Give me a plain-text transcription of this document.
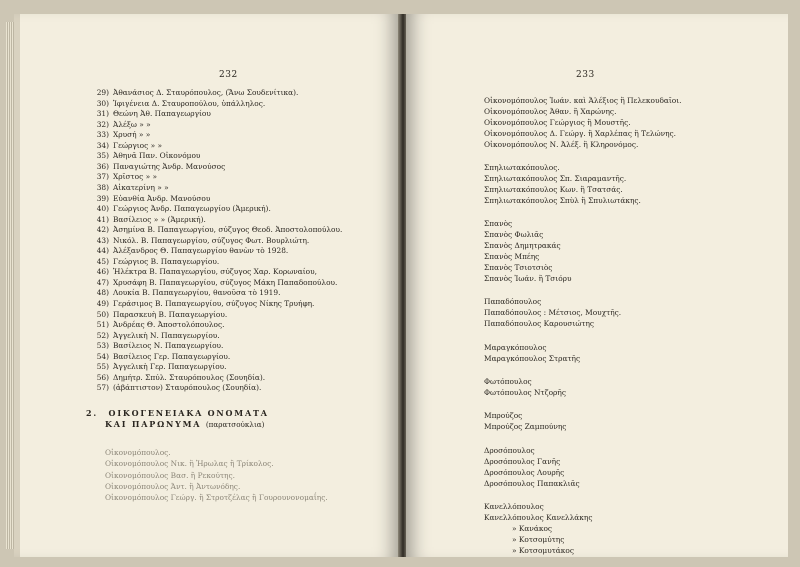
232
29) Ἀθανάσιος Δ. Σταυρόπουλος, (Ἄνω Σουδενίτικα).
30) Ἰφιγένεια Δ. Σταυροπούλου, ὑπάλληλος.
31) Θεώνη Ἀθ. Παπαγεωργίου
32) Ἀλέξω » »
33) Χρυσή » »
34) Γεώργιος » »
35) Ἀθηνᾶ Παν. Οἰκονόμου
36) Παναγιώτης Ἀνδρ. Μανούσος
37) Χρῖστος » »
38) Αἰκατερίνη » »
39) Εὐανθία Ἀνδρ. Μανούσου
40) Γεώργιος Ἀνδρ. Παπαγεωργίου (Ἀμερική).
41) Βασίλειος » » (Ἀμερική).
42) Ἀσημίνα Β. Παπαγεωργίου, σύζυγος Θεοδ. Ἀποστολοπούλου.
43) Νικόλ. Β. Παπαγεωργίου, σύζυγος Φωτ. Βουρλιώτη.
44) Ἀλέξανδρος Θ. Παπαγεωργίου θανὼν τὸ 1928.
45) Γεώργιος Β. Παπαγεωργίου.
46) Ἠλέκτρα Β. Παπαγεωργίου, σύζυγος Χαρ. Κορωναίου,
47) Χρυσάφη Β. Παπαγεωργίου, σύζυγος Μάκη Παπαδοπούλου.
48) Λουκία Β. Παπαγεωργίου, θανοῦσα τὸ 1919.
49) Γεράσιμος Β. Παπαγεωργίου, σύζυγος Νίκης Τρυήφη.
50) Παρασκευὴ Β. Παπαγεωργίου.
51) Ἀνδρέας Θ. Ἀποστολόπουλος.
52) Ἀγγελικὴ Ν. Παπαγεωργίου.
53) Βασίλειος Ν. Παπαγεωργίου.
54) Βασίλειος Γερ. Παπαγεωργίου.
55) Ἀγγελικὴ Γερ. Παπαγεωργίου.
56) Δημήτρ. Σπύλ. Σταυρόπουλος (Σουηδία).
57) (ἀβάπτιστον) Σταυρόπουλος (Σουηδία).
2. ΟΙΚΟΓΕΝΕΙΑΚΑ ΟΝΟΜΑΤΑ
ΚΑΙ ΠΑΡΩΝΥΜΑ (παρατσούκλια)
Οἰκονομόπουλος.
Οἰκονομόπουλος Νικ. ἢ Ἡρωλας ἢ Τρίκολος.
Οἰκονομόπουλος Βασ. ἢ Ρεκούτης.
Οἰκονομόπουλος Ἀντ. ἢ Ἀντωνόδης.
Οἰκονομόπουλος Γεώργ. ἢ Στροτζέλας ἢ Γουρουνονομαΐης.
233
Οἰκονομόπουλος Ἰωάν. καὶ Ἀλέξιος ἢ Πελεκουδαῖοι.
Οἰκονομόπουλος Ἀθαν. ἢ Χαρώνης.
Οἰκονομόπουλος Γεώργιος ἢ Μουστῆς.
Οἰκονομόπουλος Δ. Γεώργ. ἢ Χαρλέπας ἢ Τελώνης.
Οἰκονομόπουλος Ν. Ἀλέξ. ἢ Κληρονόμος.
Σπηλιωτακόπουλος.
Σπηλιωτακόπουλος Σπ. Σιαραμαντῆς.
Σπηλιωτακόπουλος Κων. ἢ Τσατσάς.
Σπηλιωτακόπουλος Σπὺλ ἢ Σπυλιωτάκης.
Σπανὸς
Σπανὸς Φωλιᾶς
Σπανὸς Δημητρακάς
Σπανὸς Μπέης
Σπανὸς Τσιοτσιὸς
Σπανὸς Ἰωάν. ἢ Τσιόρυ
Παπαδόπουλος
Παπαδόπουλος : Μέτσιος, Μουχτῆς.
Παπαδόπουλος Καρουσιώτης
Μαραγκόπουλος
Μαραγκόπουλος Στρατῆς
Φωτόπουλος
Φωτόπουλος Ντζορῆς
Μπρούζος
Μπρούζος Ζαμπούνης
Δροσόπουλος
Δροσόπουλος Γανῆς
Δροσόπουλος Λουρῆς
Δροσόπουλος Παπακλιᾶς
Κανελλόπουλος
Κανελλόπουλος Κανελλάκης
» Κανάκος
» Κοτσομύτης
» Κοτσομυτάκος
